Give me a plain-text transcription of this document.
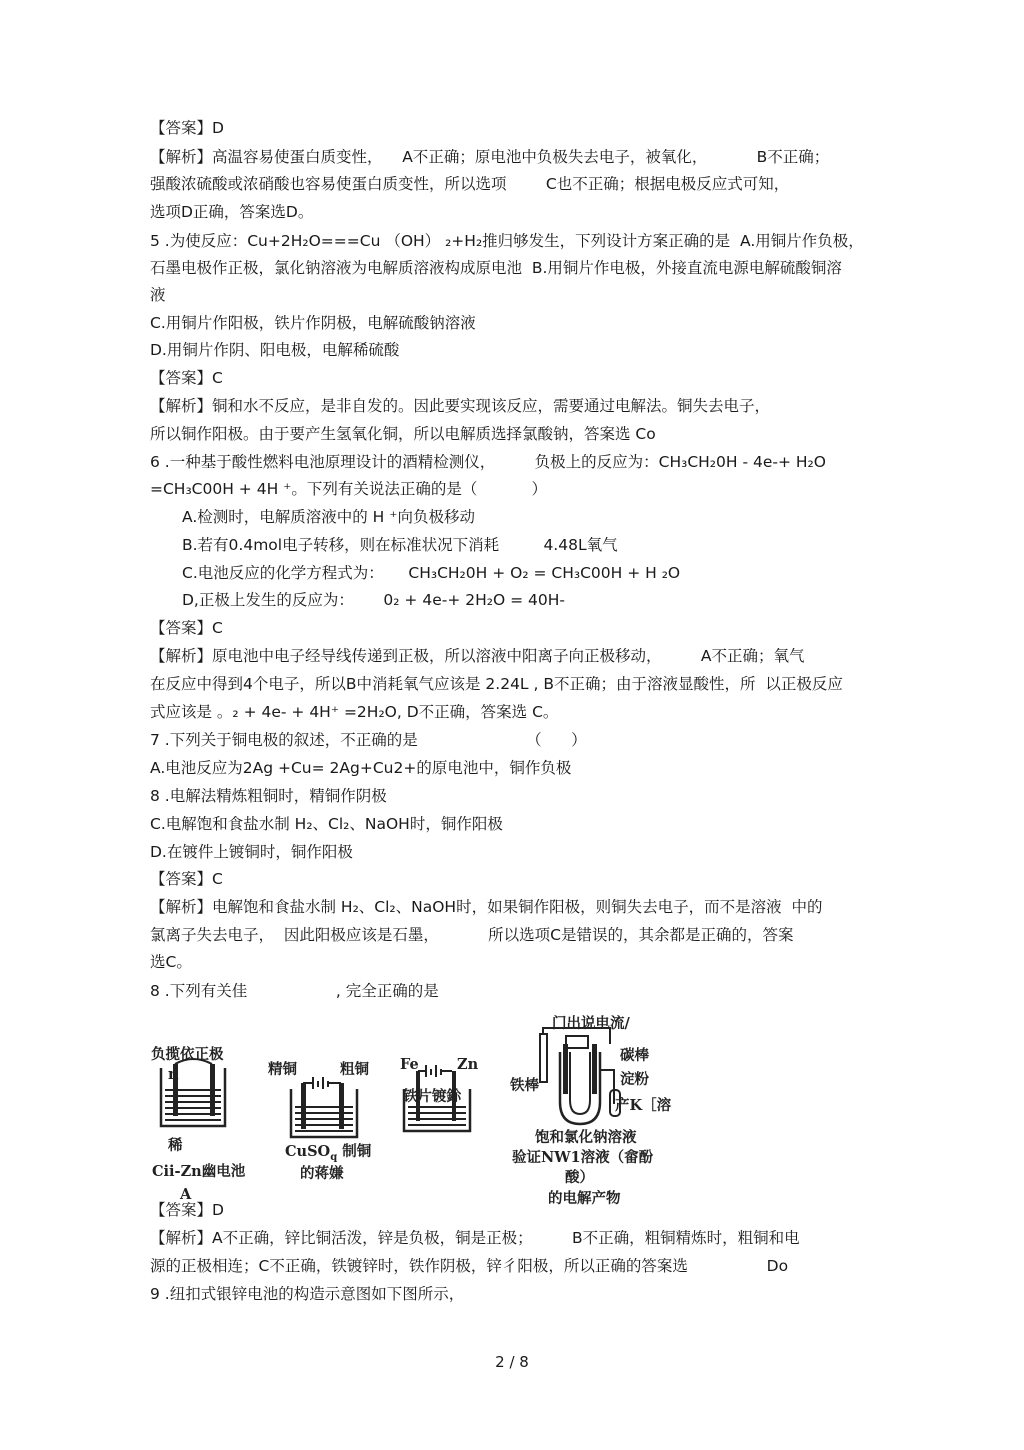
【答案】D
【解析】高温容易使蛋白质变性，    A不正确；原电池中负极失去电子，被氧化，          B不正确；
强酸浓硫酸或浓硝酸也容易使蛋白质变性，所以选项        C也不正确；根据电极反应式可知，
选项D正确，答案选D。
5 .为使反应：Cu+2H₂O===Cu （OH） ₂+H₂推归够发生，下列设计方案正确的是  A.用铜片作负极，
石墨电极作正极，氯化钠溶液为电解质溶液构成原电池  B.用铜片作电极，外接直流电源电解硫酸铜溶
液
C.用铜片作阳极，铁片作阴极，电解硫酸钠溶液
D.用铜片作阴、阳电极，电解稀硫酸
【答案】C
【解析】铜和水不反应，是非自发的。因此要实现该反应，需要通过电解法。铜失去电子，
所以铜作阳极。由于要产生氢氧化铜，所以电解质选择氯酸钠，答案选 Co
6 .一种基于酸性燃料电池原理设计的酒精检测仪，        负极上的反应为：CH₃CH₂0H - 4e-+ H₂O
=CH₃C00H + 4H ⁺。下列有关说法正确的是（           ）
A.检测时，电解质溶液中的 H ⁺向负极移动
B.若有0.4mol电子转移，则在标准状况下消耗         4.48L氧气
C.电池反应的化学方程式为：     CH₃CH₂0H + O₂ = CH₃C00H + H ₂O
D,正极上发生的反应为：      0₂ + 4e-+ 2H₂O = 40H-
【答案】C
【解析】原电池中电子经导线传递到正极，所以溶液中阳离子向正极移动，        A不正确；氧气
在反应中得到4个电子，所以B中消耗氧气应该是 2.24L , B不正确；由于溶液显酸性，所  以正极反应
式应该是 。₂ + 4e- + 4H⁺ =2H₂O, D不正确，答案选 C。
7 .下列关于铜电极的叙述，不正确的是                      （      ）
A.电池反应为2Ag +Cu= 2Ag+Cu2+的原电池中，铜作负极
8 .电解法精炼粗铜时，精铜作阴极
C.电解饱和食盐水制 H₂、Cl₂、NaOH时，铜作阳极
D.在镀件上镀铜时，铜作阳极
【答案】C
【解析】电解饱和食盐水制 H₂、Cl₂、NaOH时，如果铜作阳极，则铜失去电子，而不是溶液  中的
氯离子失去电子，  因此阳极应该是石墨，          所以选项C是错误的，其余都是正确的，答案
选C。
8 .下列有关佳                  , 完全正确的是
【答案】D
【解析】A不正确，锌比铜活泼，锌是负极，铜是正极；        B不正确，粗铜精炼时，粗铜和电
源的正极相连；C不正确，铁镀锌时，铁作阴极，锌彳阳极，所以正确的答案选                Do
9 .纽扣式银锌电池的构造示意图如下图所示，
负揽依正极
n
稀
Cii-Zn幽电池
A
精铜	粗铜
CuSO$_q$ 制铜
的蒋嫌
Fe	Zn
铁片镀鉩
门出说电流/
碳棒
淀粉
铁棒
产K［溶
饱和氯化钠溶液
验证NW1溶液（畲酚
酸）
的电解产物
2 / 8
